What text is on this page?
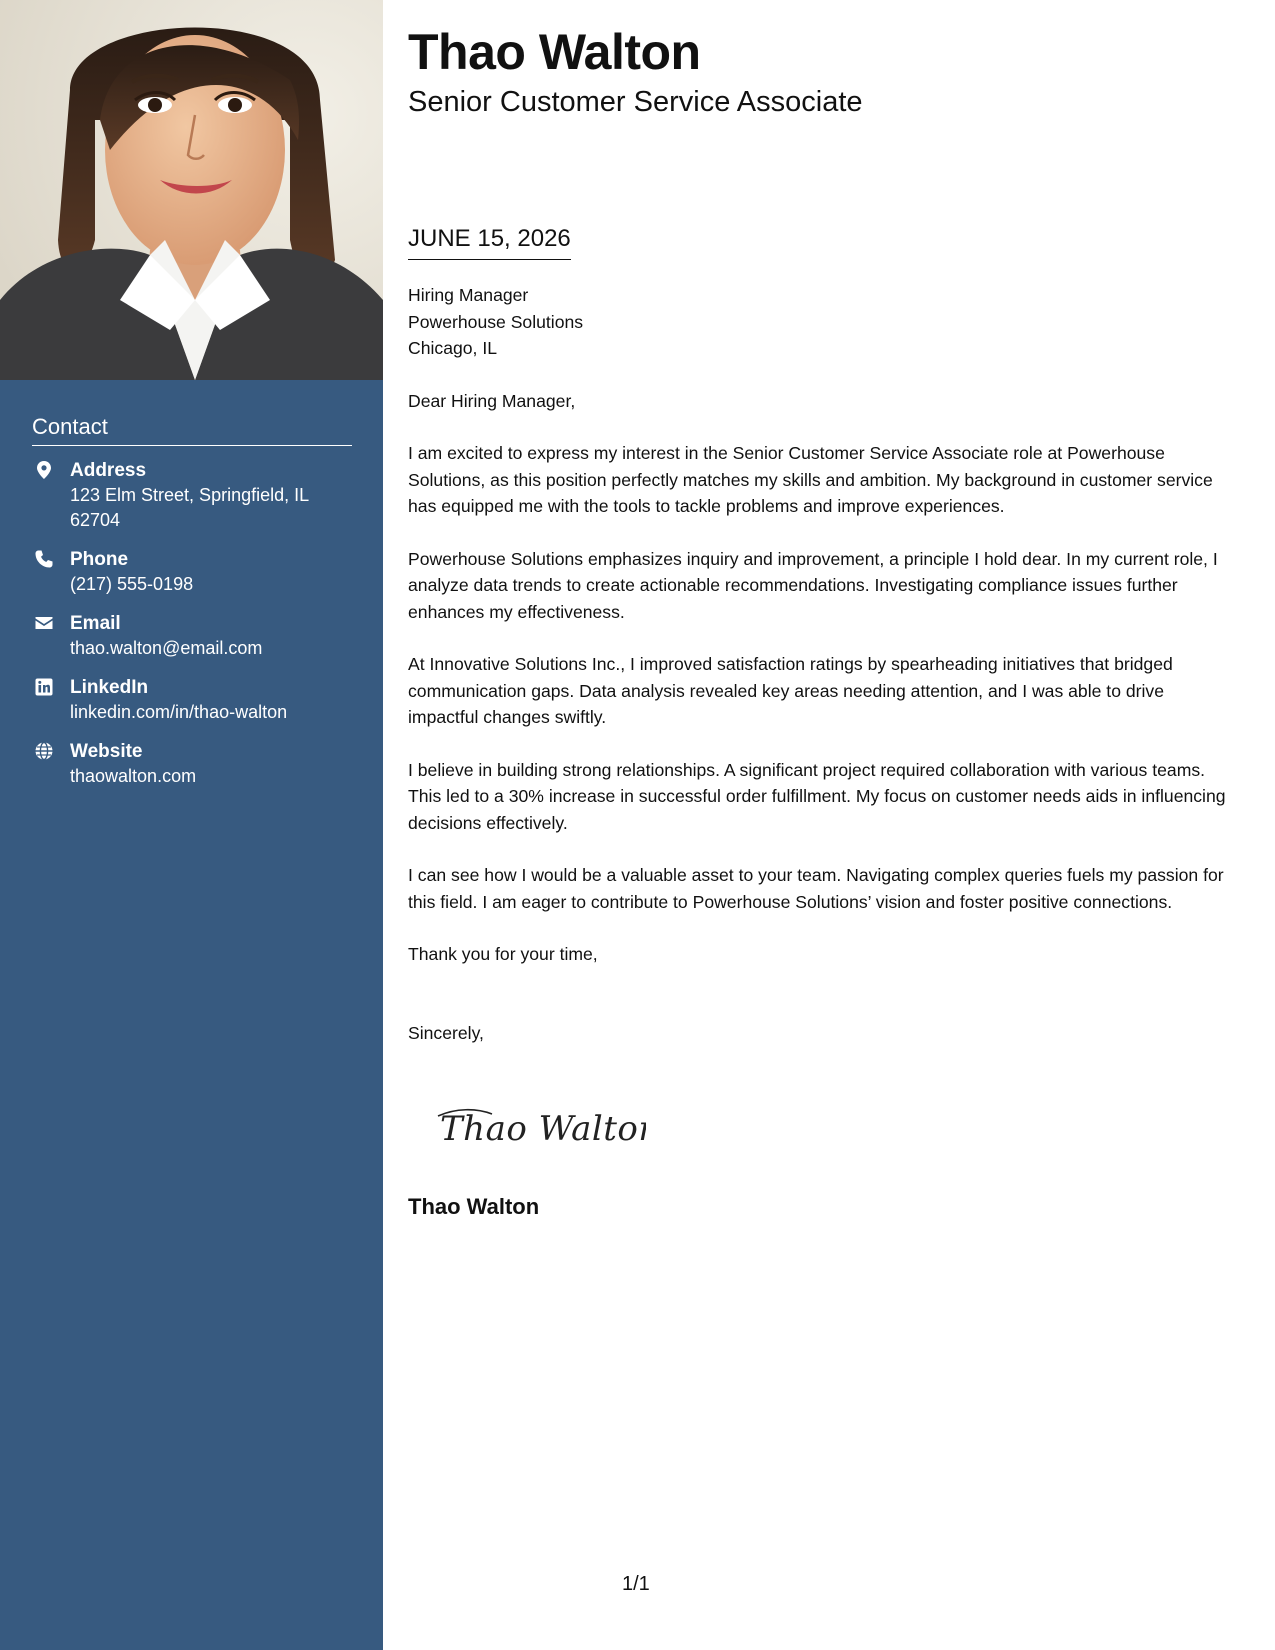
Contact
Address
123 Elm Street, Springfield, IL 62704
Phone
(217) 555-0198
Email
thao.walton@email.com
LinkedIn
linkedin.com/in/thao-walton
Website
thaowalton.com
Thao Walton
Senior Customer Service Associate
JUNE 15, 2026

Hiring Manager

Powerhouse Solutions

Chicago, IL

Dear Hiring Manager,

I am excited to express my interest in the Senior Customer Service Associate role at Powerhouse Solutions, as this position perfectly matches my skills and ambition. My background in customer service has equipped me with the tools to tackle problems and improve experiences.

Powerhouse Solutions emphasizes inquiry and improvement, a principle I hold dear. In my current role, I analyze data trends to create actionable recommendations. Investigating compliance issues further enhances my effectiveness.

At Innovative Solutions Inc., I improved satisfaction ratings by spearheading initiatives that bridged communication gaps. Data analysis revealed key areas needing attention, and I was able to drive impactful changes swiftly.

I believe in building strong relationships. A significant project required collaboration with various teams. This led to a 30% increase in successful order fulfillment. My focus on customer needs aids in influencing decisions effectively.

I can see how I would be a valuable asset to your team. Navigating complex queries fuels my passion for this field. I am eager to contribute to Powerhouse Solutions’ vision and foster positive connections.

Thank you for your time,

Sincerely,

Thao Walton
Thao Walton
1/1
